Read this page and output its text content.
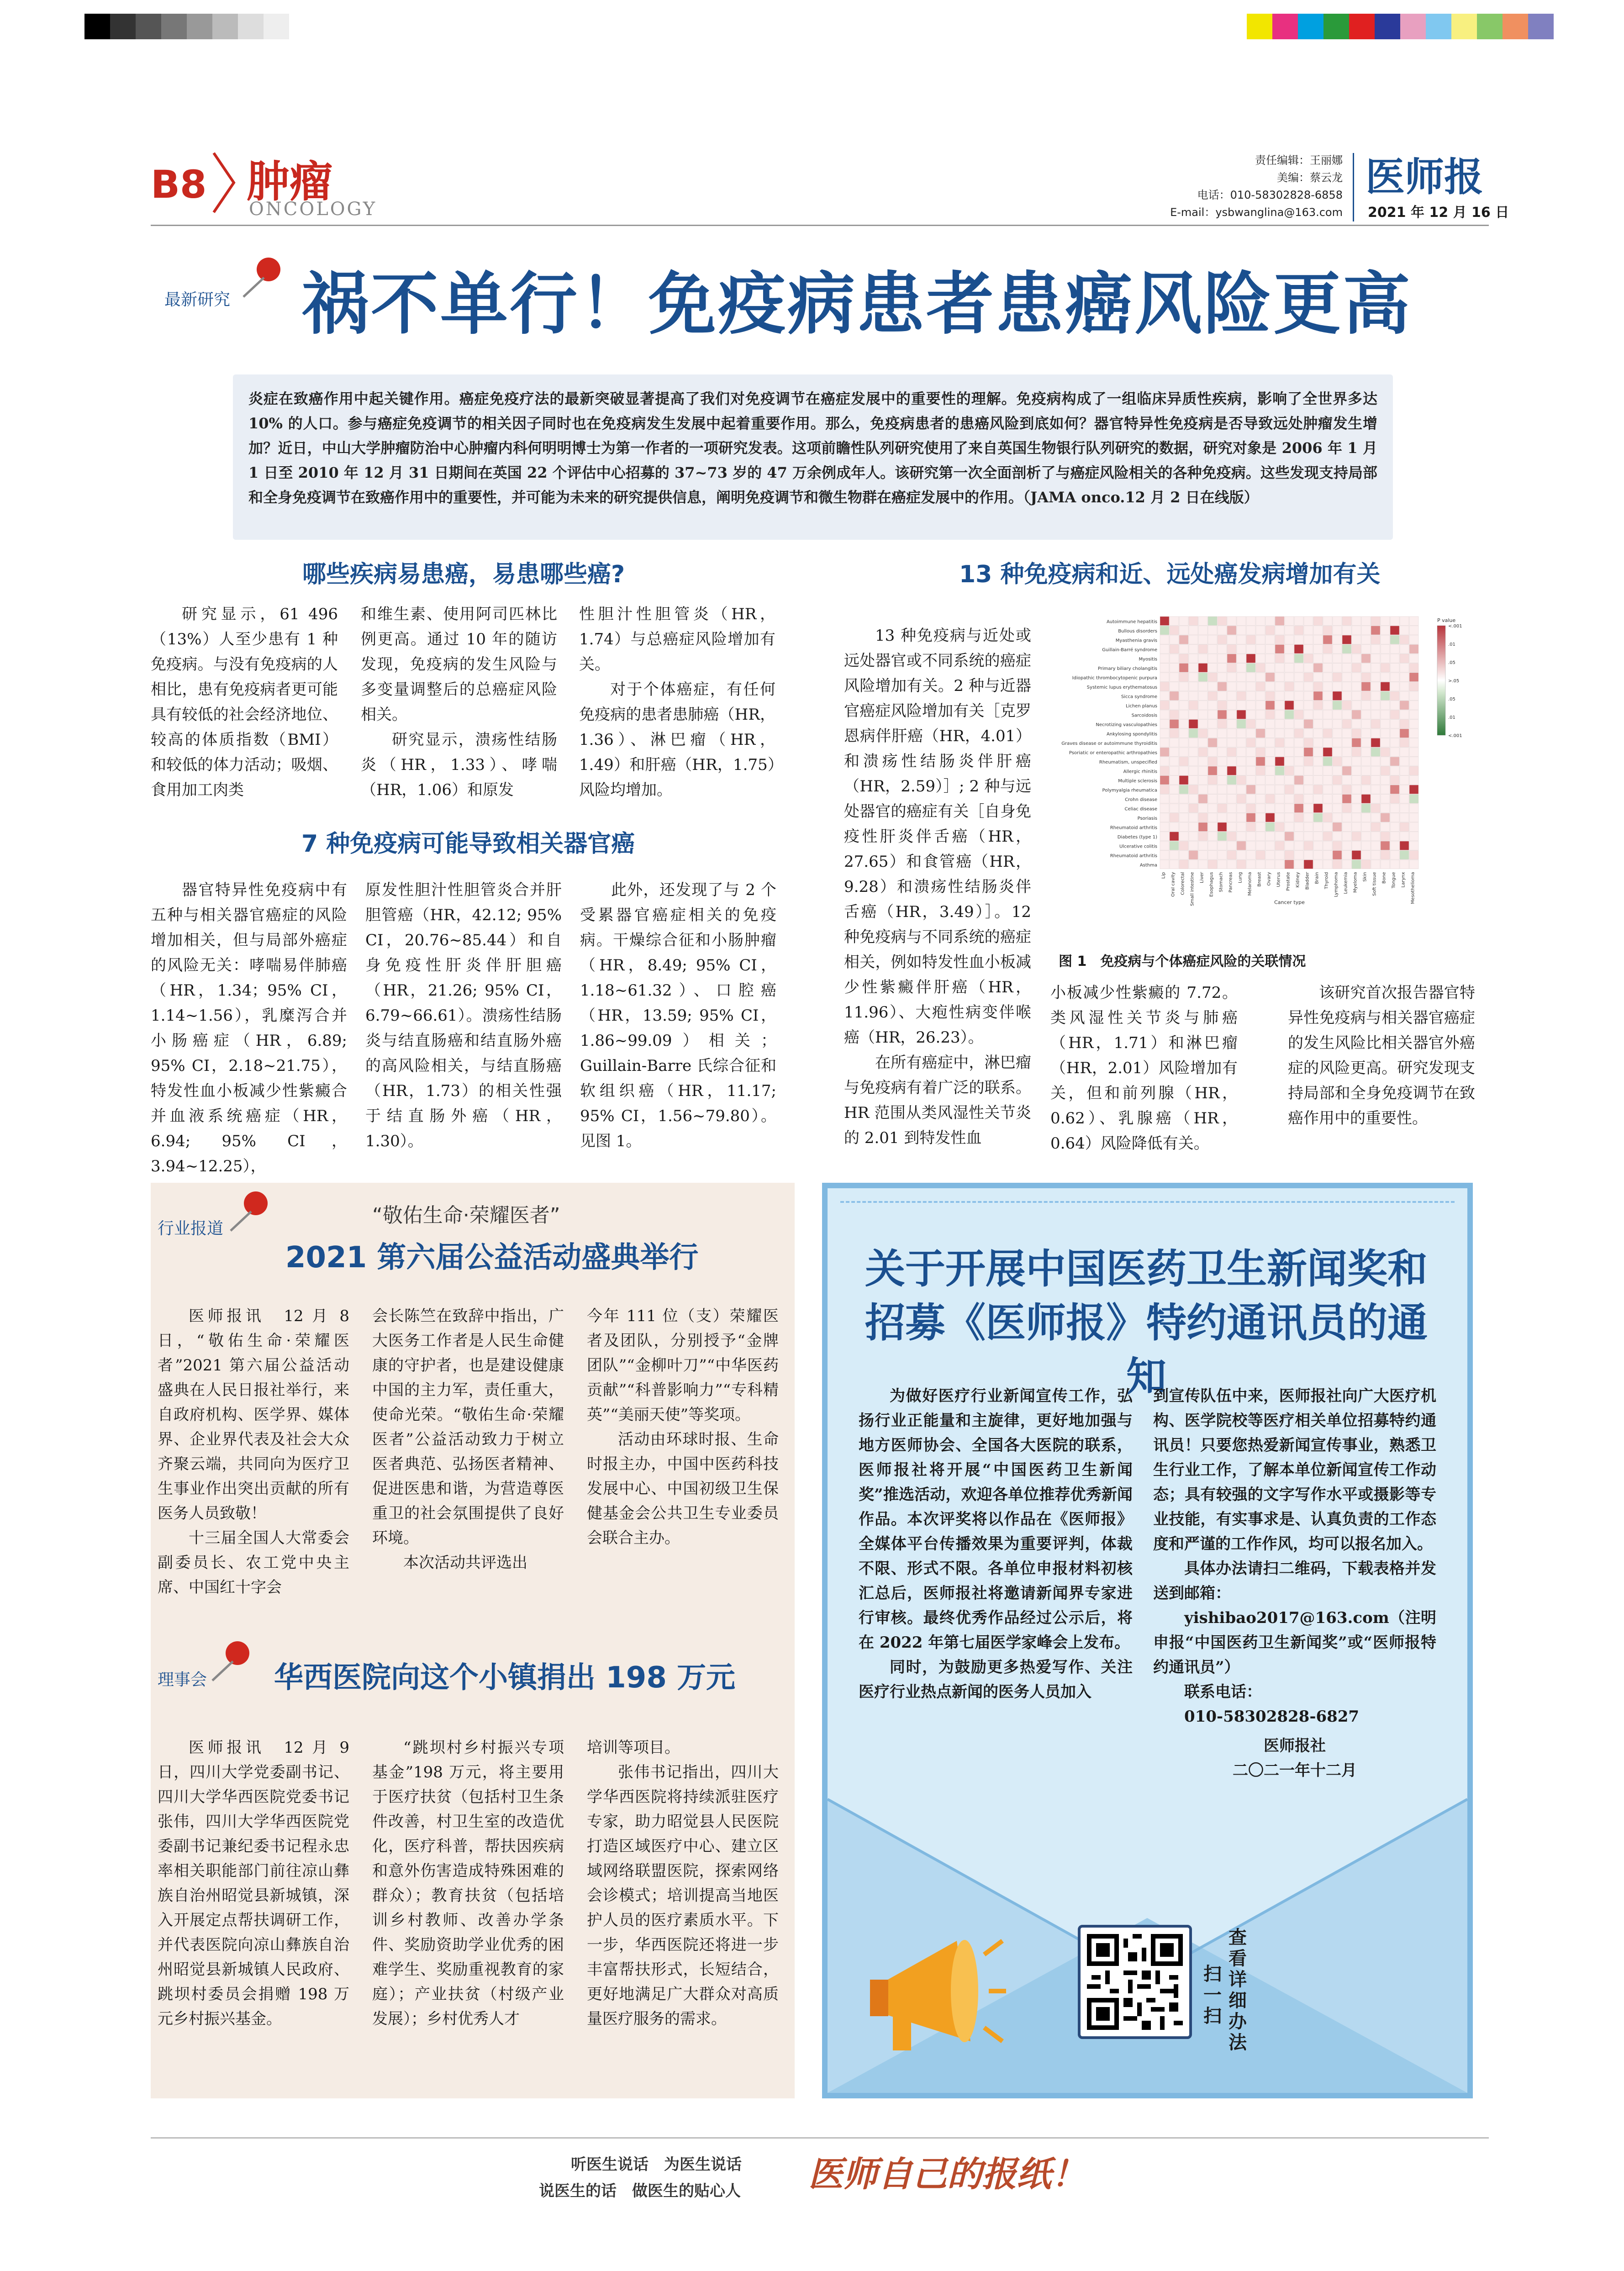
B8 肿瘤
ONCOLOGY
责任编辑：王丽娜
美编：蔡云龙
电话：010-58302828-6858
E-mail：ysbwanglina@163.com
医师报
2021 年 12 月 16 日
最新研究 祸不单行！免疫病患者患癌风险更高
炎症在致癌作用中起关键作用。癌症免疫疗法的最新突破显著提高了我们对免疫调节在癌症发展中的重要性的理解。免疫病构成了一组临床异质性疾病，影响了全世界多达 10% 的人口。参与癌症免疫调节的相关因子同时也在免疫病发生发展中起着重要作用。那么，免疫病患者的患癌风险到底如何？器官特异性免疫病是否导致远处肿瘤发生增加？近日，中山大学肿瘤防治中心肿瘤内科何明明博士为第一作者的一项研究发表。这项前瞻性队列研究使用了来自英国生物银行队列研究的数据，研究对象是 2006 年 1 月 1 日至 2010 年 12 月 31 日期间在英国 22 个评估中心招募的 37~73 岁的 47 万余例成年人。该研究第一次全面剖析了与癌症风险相关的各种免疫病。这些发现支持局部和全身免疫调节在致癌作用中的重要性，并可能为未来的研究提供信息，阐明免疫调节和微生物群在癌症发展中的作用。（JAMA onco.12 月 2 日在线版）
哪些疾病易患癌，易患哪些癌?

研究显示，61 496（13%）人至少患有 1 种免疫病。与没有免疫病的人相比，患有免疫病者更可能具有较低的社会经济地位、较高的体质指数（BMI）和较低的体力活动；吸烟、食用加工肉类

和维生素、使用阿司匹林比例更高。通过 10 年的随访发现，免疫病的发生风险与多变量调整后的总癌症风险相关。

研究显示，溃疡性结肠炎（HR，1.33）、哮喘（HR，1.06）和原发

性胆汁性胆管炎（HR，1.74）与总癌症风险增加有关。

对于个体癌症，有任何免疫病的患者患肺癌（HR，1.36）、淋巴瘤（HR，1.49）和肝癌（HR，1.75）风险均增加。

7 种免疫病可能导致相关器官癌

器官特异性免疫病中有五种与相关器官癌症的风险增加相关，但与局部外癌症的风险无关：哮喘易伴肺癌（HR，1.34；95% CI，1.14~1.56），乳糜泻合并小肠癌症（HR，6.89; 95% CI，2.18~21.75），特发性血小板减少性紫癜合并血液系统癌症（HR，6.94; 95% CI，3.94~12.25），

原发性胆汁性胆管炎合并肝胆管癌（HR，42.12; 95% CI，20.76~85.44）和自身免疫性肝炎伴肝胆癌（HR，21.26; 95% CI，6.79~66.61）。溃疡性结肠炎与结直肠癌和结直肠外癌的高风险相关，与结直肠癌（HR，1.73）的相关性强于结直肠外癌（HR，1.30）。

此外，还发现了与 2 个受累器官癌症相关的免疫病。干燥综合征和小肠肿瘤（HR，8.49; 95% CI，1.18~61.32）、口腔癌（HR，13.59; 95% CI，1.86~99.09）相关；Guillain-Barre 氏综合征和软组织癌（HR，11.17; 95% CI，1.56~79.80）。见图 1。

13 种免疫病和近、远处癌发病增加有关

13 种免疫病与近处或远处器官或不同系统的癌症风险增加有关。2 种与近器官癌症风险增加有关［克罗恩病伴肝癌（HR，4.01）和溃疡性结肠炎伴肝癌（HR，2.59）］; 2 种与远处器官的癌症有关［自身免疫性肝炎伴舌癌（HR，27.65）和食管癌（HR，9.28）和溃疡性结肠炎伴舌癌（HR，3.49）］。12 种免疫病与不同系统的癌症相关，例如特发性血小板减少性紫癜伴肝癌（HR，11.96）、大疱性病变伴喉癌（HR，26.23）。

在所有癌症中，淋巴瘤与免疫病有着广泛的联系。HR 范围从类风湿性关节炎的 2.01 到特发性血

小板减少性紫癜的 7.72。类风湿性关节炎与肺癌（HR，1.71）和淋巴瘤（HR，2.01）风险增加有关，但和前列腺（HR，0.62）、乳腺癌（HR，0.64）风险降低有关。

该研究首次报告器官特异性免疫病与相关器官癌症的发生风险比相关器官外癌症的风险更高。研究发现支持局部和全身免疫调节在致癌作用中的重要性。

Autoimmune hepatitis
Bullous disorders
Myasthenia gravis
Guillain-Barré syndrome
Myositis
Primary biliary cholangitis
Idiopathic thrombocytopenic purpura
Systemic lupus erythematosus
Sicca syndrome
Lichen planus
Sarcoidosis
Necrotizing vasculopathies
Ankylosing spondylitis
Graves disease or autoimmune thyroiditis
Psoriatic or enteropathic arthropathies
Rheumatism, unspecified
Allergic rhinitis
Multiple sclerosis
Polymyalgia rheumatica
Crohn disease
Celiac disease
Psoriasis
Rheumatoid arthritis
Diabetes (type 1)
Ulcerative colitis
Rheumatoid arthritis
Asthma
Lip Oral cavity Colorectal Small intestine Liver Esophagus Stomach Pancreas Lung Melanoma Breast Ovary Uterus Prostate Kidney Bladder Brain Thyroid Lymphoma Leukemia Myeloma Skin Soft tissue Bone Tongue Larynx Mesothelioma
Cancer type
P value
<.001
.01
.05
>.05
.05
.01
<.001
图 1　免疫病与个体癌症风险的关联情况
行业报道
“敬佑生命·荣耀医者”
2021 第六届公益活动盛典举行

医师报讯　12 月 8 日，“敬佑生命·荣耀医者”2021 第六届公益活动盛典在人民日报社举行，来自政府机构、医学界、媒体界、企业界代表及社会大众齐聚云端，共同向为医疗卫生事业作出突出贡献的所有医务人员致敬！

十三届全国人大常委会副委员长、农工党中央主席、中国红十字会

会长陈竺在致辞中指出，广大医务工作者是人民生命健康的守护者，也是建设健康中国的主力军，责任重大，使命光荣。“敬佑生命·荣耀医者”公益活动致力于树立医者典范、弘扬医者精神、促进医患和谐，为营造尊医重卫的社会氛围提供了良好环境。

本次活动共评选出

今年 111 位（支）荣耀医者及团队，分别授予“金牌团队”“金柳叶刀”“中华医药贡献”“科普影响力”“专科精英”“美丽天使”等奖项。

活动由环球时报、生命时报主办，中国中医药科技发展中心、中国初级卫生保健基金会公共卫生专业委员会联合主办。

理事会 华西医院向这个小镇捐出 198 万元

医师报讯　12 月 9 日，四川大学党委副书记、四川大学华西医院党委书记张伟，四川大学华西医院党委副书记兼纪委书记程永忠率相关职能部门前往凉山彝族自治州昭觉县新城镇，深入开展定点帮扶调研工作，并代表医院向凉山彝族自治州昭觉县新城镇人民政府、跳坝村委员会捐赠 198 万元乡村振兴基金。

“跳坝村乡村振兴专项基金”198 万元，将主要用于医疗扶贫（包括村卫生条件改善，村卫生室的改造优化，医疗科普，帮扶因疾病和意外伤害造成特殊困难的群众）；教育扶贫（包括培训乡村教师、改善办学条件、奖励资助学业优秀的困难学生、奖励重视教育的家庭）；产业扶贫（村级产业发展）；乡村优秀人才

培训等项目。

张伟书记指出，四川大学华西医院将持续派驻医疗专家，助力昭觉县人民医院打造区域医疗中心、建立区域网络联盟医院，探索网络会诊模式；培训提高当地医护人员的医疗素质水平。下一步，华西医院还将进一步丰富帮扶形式，长短结合，更好地满足广大群众对高质量医疗服务的需求。

关于开展中国医药卫生新闻奖和招募《医师报》特约通讯员的通知

为做好医疗行业新闻宣传工作，弘扬行业正能量和主旋律，更好地加强与地方医师协会、全国各大医院的联系，医师报社将开展“中国医药卫生新闻奖”推选活动，欢迎各单位推荐优秀新闻作品。本次评奖将以作品在《医师报》全媒体平台传播效果为重要评判，体裁不限、形式不限。各单位申报材料初核汇总后，医师报社将邀请新闻界专家进行审核。最终优秀作品经过公示后，将在 2022 年第七届医学家峰会上发布。

同时，为鼓励更多热爱写作、关注医疗行业热点新闻的医务人员加入

到宣传队伍中来，医师报社向广大医疗机构、医学院校等医疗相关单位招募特约通讯员！只要您热爱新闻宣传事业，熟悉卫生行业工作，了解本单位新闻宣传工作动态；具有较强的文字写作水平或摄影等专业技能，有实事求是、认真负责的工作态度和严谨的工作作风，均可以报名加入。

具体办法请扫二维码，下载表格并发送到邮箱：

yishibao2017@163.com（注明申报“中国医药卫生新闻奖”或“医师报特约通讯员”）

联系电话：

010-58302828-6827

医师报社

二〇二一年十二月

查看详细办法
扫一扫
听医生说话　为医生说话
说医生的话　做医生的贴心人 医师自己的报纸！
